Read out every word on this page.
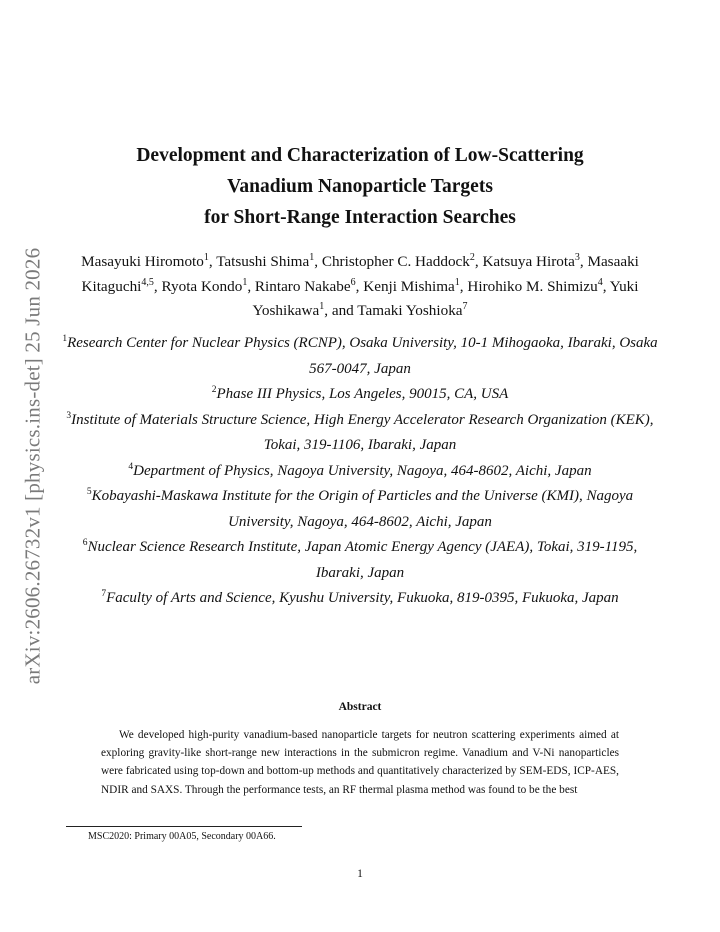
arXiv:2606.26732v1 [physics.ins-det] 25 Jun 2026
Development and Characterization of Low-Scattering
Vanadium Nanoparticle Targets
for Short-Range Interaction Searches
Masayuki Hiromoto$^1$, Tatsushi Shima$^1$, Christopher C. Haddock$^2$, Katsuya Hirota$^3$, Masaaki Kitaguchi$^{4,5}$, Ryota Kondo$^1$, Rintaro Nakabe$^6$, Kenji Mishima$^1$, Hirohiko M. Shimizu$^4$, Yuki Yoshikawa$^1$, and Tamaki Yoshioka$^7$
$^1$Research Center for Nuclear Physics (RCNP), Osaka University, 10-1 Mihogaoka, Ibaraki, Osaka 567-0047, Japan
$^2$Phase III Physics, Los Angeles, 90015, CA, USA
$^3$Institute of Materials Structure Science, High Energy Accelerator Research Organization (KEK), Tokai, 319-1106, Ibaraki, Japan
$^4$Department of Physics, Nagoya University, Nagoya, 464-8602, Aichi, Japan
$^5$Kobayashi-Maskawa Institute for the Origin of Particles and the Universe (KMI), Nagoya University, Nagoya, 464-8602, Aichi, Japan
$^6$Nuclear Science Research Institute, Japan Atomic Energy Agency (JAEA), Tokai, 319-1195, Ibaraki, Japan
$^7$Faculty of Arts and Science, Kyushu University, Fukuoka, 819-0395, Fukuoka, Japan
Abstract

We developed high-purity vanadium-based nanoparticle targets for neutron scattering experiments aimed at exploring gravity-like short-range new interactions in the submicron regime. Vanadium and V-Ni nanoparticles were fabricated using top-down and bottom-up methods and quantitatively characterized by SEM-EDS, ICP-AES, NDIR and SAXS. Through the performance tests, an RF thermal plasma method was found to be the best

MSC2020: Primary 00A05, Secondary 00A66.
1
